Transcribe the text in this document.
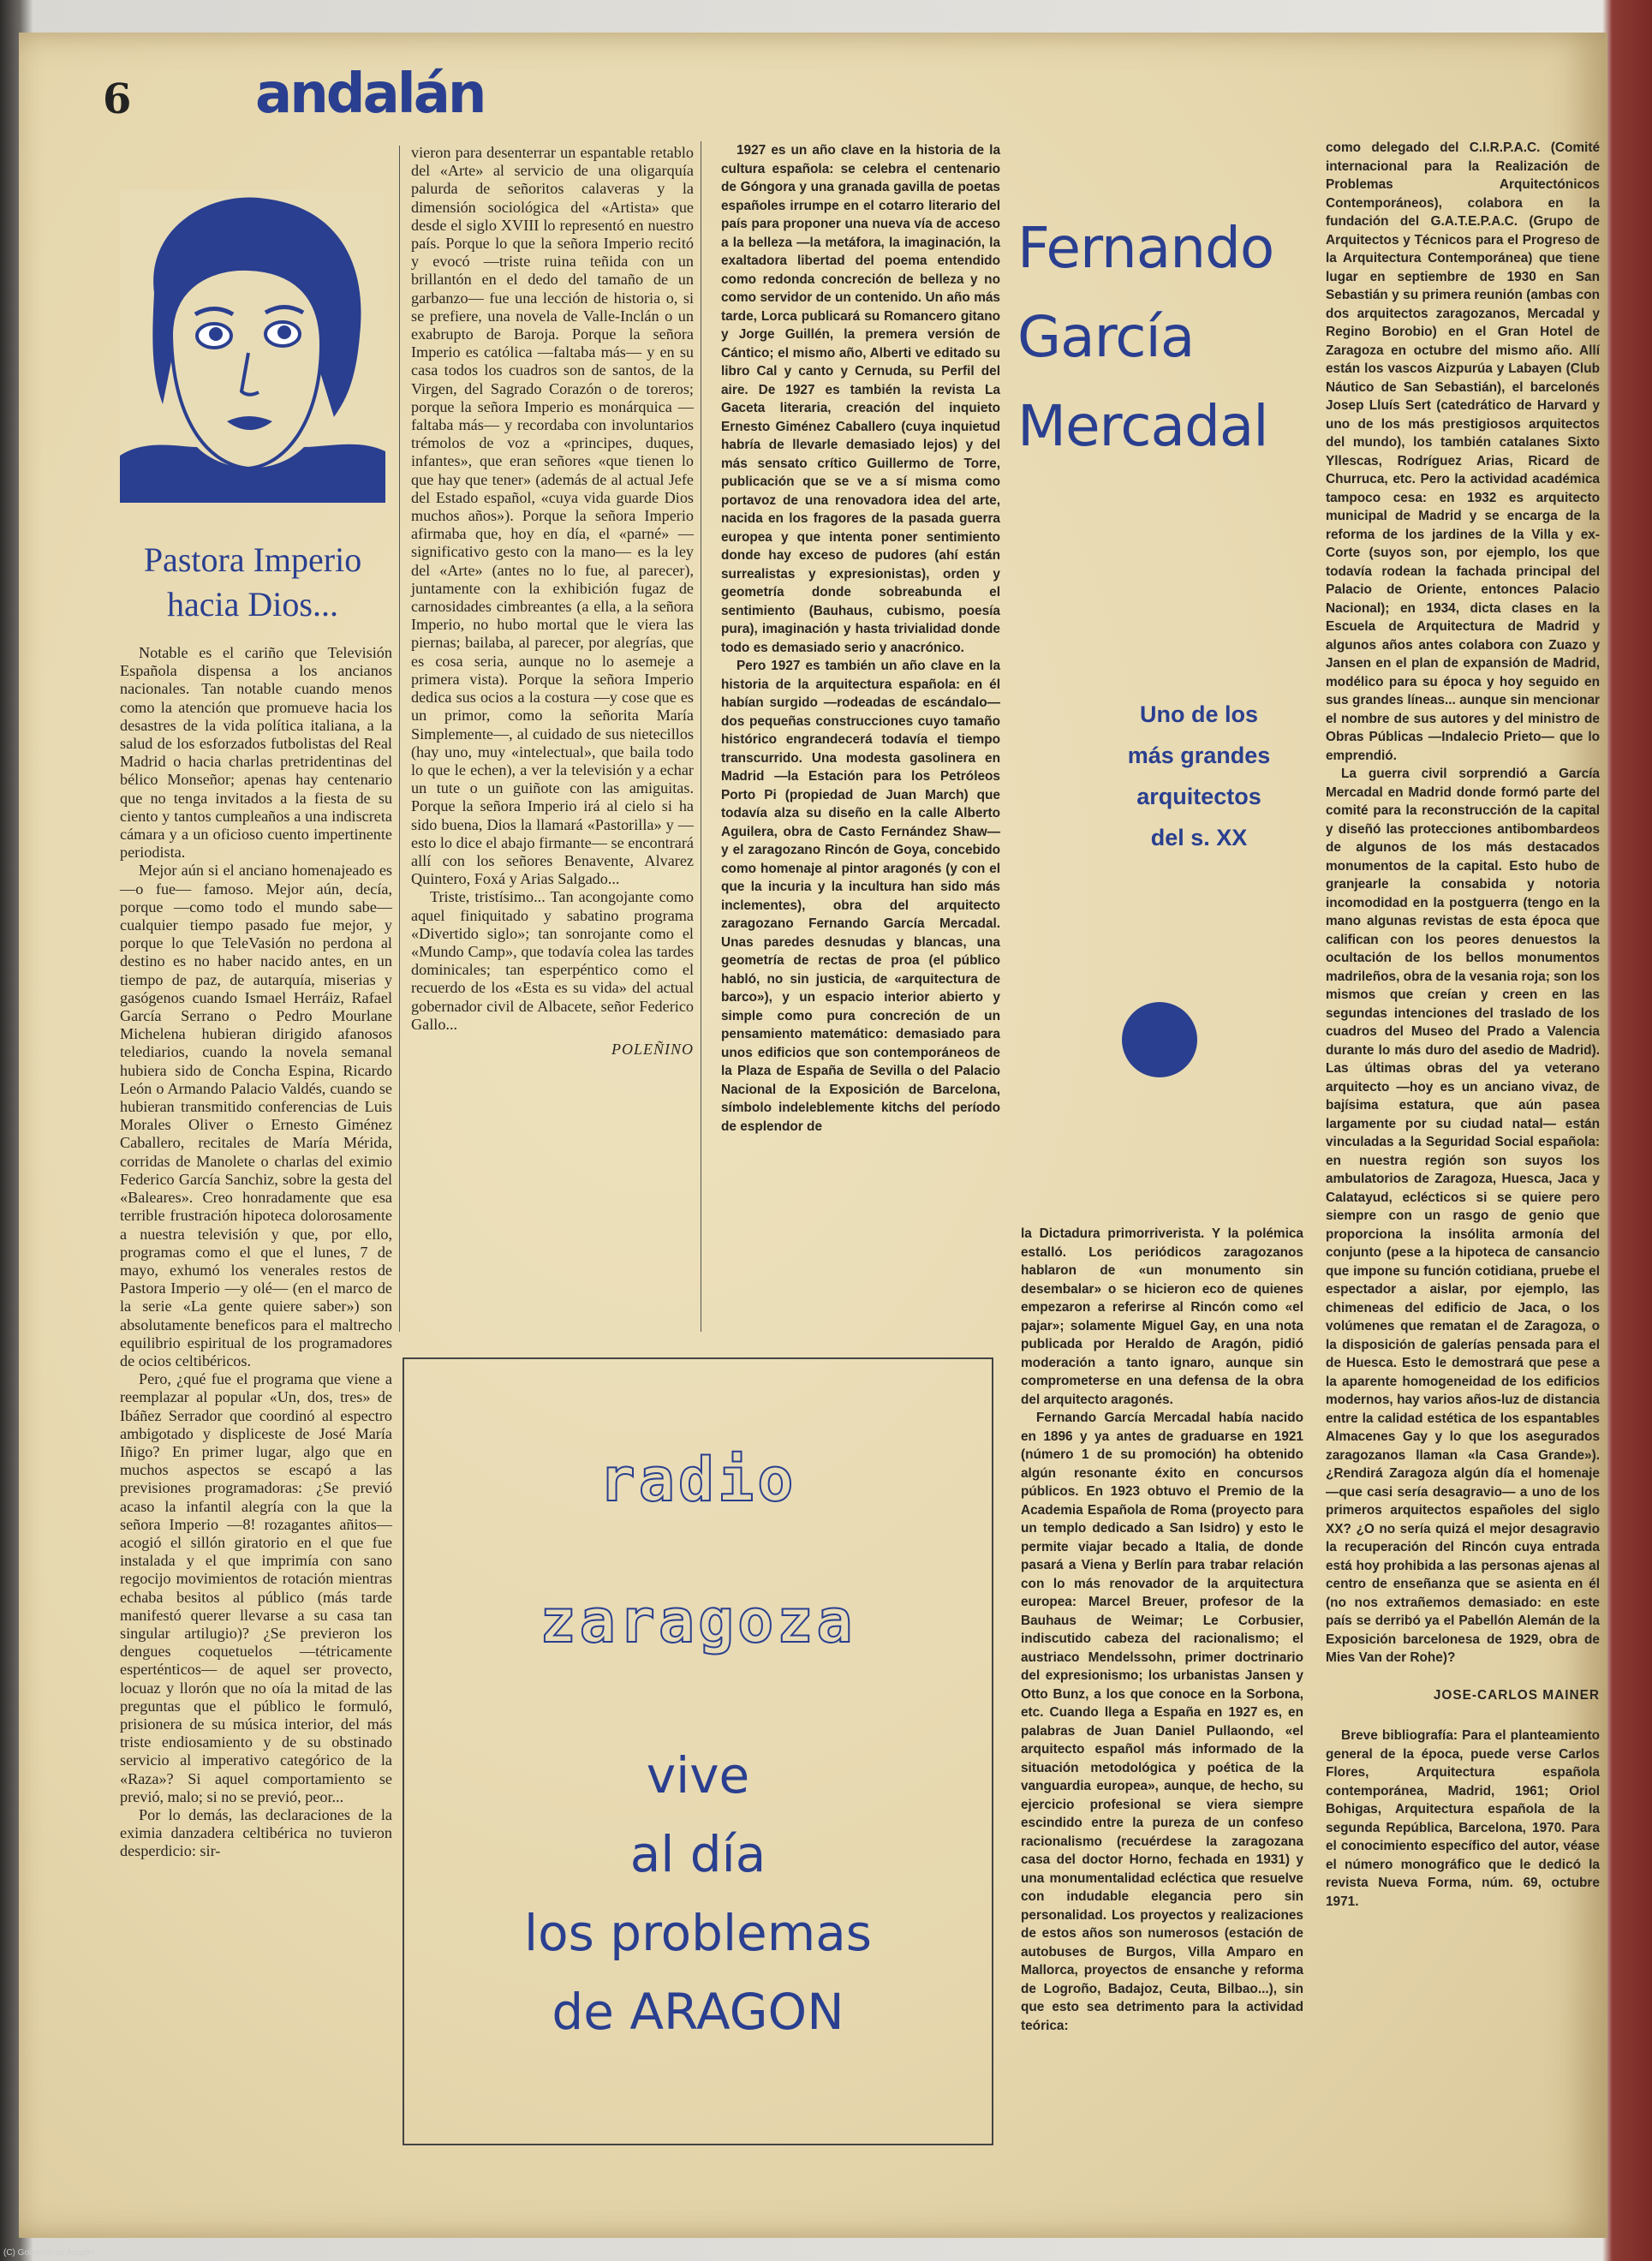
6 andalán
Pastora Imperio hacia Dios...

Notable es el cariño que Televisión Española dispensa a los ancianos nacionales. Tan notable cuando menos como la atención que promueve hacia los desastres de la vida política italiana, a la salud de los esforzados futbolistas del Real Madrid o hacia charlas pretridentinas del bélico Monseñor; apenas hay centenario que no tenga invitados a la fiesta de su ciento y tantos cumpleaños a una indiscreta cámara y a un oficioso cuento impertinente periodista.

Mejor aún si el anciano homenajeado es —o fue— famoso. Mejor aún, decía, porque —como todo el mundo sabe— cualquier tiempo pasado fue mejor, y porque lo que TeleVasión no perdona al destino es no haber nacido antes, en un tiempo de paz, de autarquía, miserias y gasógenos cuando Ismael Herráiz, Rafael García Serrano o Pedro Mourlane Michelena hubieran dirigido afanosos telediarios, cuando la novela semanal hubiera sido de Concha Espina, Ricardo León o Armando Palacio Valdés, cuando se hubieran transmitido conferencias de Luis Morales Oliver o Ernesto Giménez Caballero, recitales de María Mérida, corridas de Manolete o charlas del eximio Federico García Sanchiz, sobre la gesta del «Baleares». Creo honradamente que esa terrible frustración hipoteca dolorosamente a nuestra televisión y que, por ello, programas como el que el lunes, 7 de mayo, exhumó los venerales restos de Pastora Imperio —y olé— (en el marco de la serie «La gente quiere saber») son absolutamente beneficos para el maltrecho equilibrio espiritual de los programadores de ocios celtibéricos.

Pero, ¿qué fue el programa que viene a reemplazar al popular «Un, dos, tres» de Ibáñez Serrador que coordinó al espectro ambigotado y displiceste de José María Iñigo? En primer lugar, algo que en muchos aspectos se escapó a las previsiones programadoras: ¿Se previó acaso la infantil alegría con la que la señora Imperio —8! rozagantes añitos— acogió el sillón giratorio en el que fue instalada y el que imprimía con sano regocijo movimientos de rotación mientras echaba besitos al público (más tarde manifestó querer llevarse a su casa tan singular artilugio)? ¿Se previeron los dengues coquetuelos —tétricamente esperténticos— de aquel ser provecto, locuaz y llorón que no oía la mitad de las preguntas que el público le formuló, prisionera de su música interior, del más triste endiosamiento y de su obstinado servicio al imperativo categórico de la «Raza»? Si aquel comportamiento se previó, malo; si no se previó, peor...

Por lo demás, las declaraciones de la eximia danzadera celtibérica no tuvieron desperdicio: sir-

vieron para desenterrar un espantable retablo del «Arte» al servicio de una oligarquía palurda de señoritos calaveras y la dimensión sociológica del «Artista» que desde el siglo XVIII lo representó en nuestro país. Porque lo que la señora Imperio recitó y evocó —triste ruina teñida con un brillantón en el dedo del tamaño de un garbanzo— fue una lección de historia o, si se prefiere, una novela de Valle-Inclán o un exabrupto de Baroja. Porque la señora Imperio es católica —faltaba más— y en su casa todos los cuadros son de santos, de la Virgen, del Sagrado Corazón o de toreros; porque la señora Imperio es monárquica —faltaba más— y recordaba con involuntarios trémolos de voz a «principes, duques, infantes», que eran señores «que tienen lo que hay que tener» (además de al actual Jefe del Estado español, «cuya vida guarde Dios muchos años»). Porque la señora Imperio afirmaba que, hoy en día, el «parné» —significativo gesto con la mano— es la ley del «Arte» (antes no lo fue, al parecer), juntamente con la exhibición fugaz de carnosidades cimbreantes (a ella, a la señora Imperio, no hubo mortal que le viera las piernas; bailaba, al parecer, por alegrías, que es cosa seria, aunque no lo asemeje a primera vista). Porque la señora Imperio dedica sus ocios a la costura —y cose que es un primor, como la señorita María Simplemente—, al cuidado de sus nietecillos (hay uno, muy «intelectual», que baila todo lo que le echen), a ver la televisión y a echar un tute o un guiñote con las amiguitas. Porque la señora Imperio irá al cielo si ha sido buena, Dios la llamará «Pastorilla» y —esto lo dice el abajo firmante— se encontrará allí con los señores Benavente, Alvarez Quintero, Foxá y Arias Salgado...

Triste, tristísimo... Tan acongojante como aquel finiquitado y sabatino programa «Divertido siglo»; tan sonrojante como el «Mundo Camp», que todavía colea las tardes dominicales; tan esperpéntico como el recuerdo de los «Esta es su vida» del actual gobernador civil de Albacete, señor Federico Gallo...

POLEÑINO

1927 es un año clave en la historia de la cultura española: se celebra el centenario de Góngora y una granada gavilla de poetas españoles irrumpe en el cotarro literario del país para proponer una nueva vía de acceso a la belleza —la metáfora, la imaginación, la exaltadora libertad del poema entendido como redonda concreción de belleza y no como servidor de un contenido. Un año más tarde, Lorca publicará su Romancero gitano y Jorge Guillén, la premera versión de Cántico; el mismo año, Alberti ve editado su libro Cal y canto y Cernuda, su Perfil del aire. De 1927 es también la revista La Gaceta literaria, creación del inquieto Ernesto Giménez Caballero (cuya inquietud habría de llevarle demasiado lejos) y del más sensato crítico Guillermo de Torre, publicación que se ve a sí misma como portavoz de una renovadora idea del arte, nacida en los fragores de la pasada guerra europea y que intenta poner sentimiento donde hay exceso de pudores (ahí están surrealistas y expresionistas), orden y geometría donde sobreabunda el sentimiento (Bauhaus, cubismo, poesía pura), imaginación y hasta trivialidad donde todo es demasiado serio y anacrónico.

Pero 1927 es también un año clave en la historia de la arquitectura española: en él habían surgido —rodeadas de escándalo— dos pequeñas construcciones cuyo tamaño histórico engrandecerá todavía el tiempo transcurrido. Una modesta gasolinera en Madrid —la Estación para los Petróleos Porto Pi (propiedad de Juan March) que todavía alza su diseño en la calle Alberto Aguilera, obra de Casto Fernández Shaw— y el zaragozano Rincón de Goya, concebido como homenaje al pintor aragonés (y con el que la incuria y la incultura han sido más inclementes), obra del arquitecto zaragozano Fernando García Mercadal. Unas paredes desnudas y blancas, una geometría de rectas de proa (el público habló, no sin justicia, de «arquitectura de barco»), y un espacio interior abierto y simple como pura concreción de un pensamiento matemático: demasiado para unos edificios que son contemporáneos de la Plaza de España de Sevilla o del Palacio Nacional de la Exposición de Barcelona, símbolo indeleblemente kitchs del período de esplendor de

Fernando
García
Mercadal
Uno de los
más grandes
arquitectos
del s. XX

la Dictadura primorriverista. Y la polémica estalló. Los periódicos zaragozanos hablaron de «un monumento sin desembalar» o se hicieron eco de quienes empezaron a referirse al Rincón como «el pajar»; solamente Miguel Gay, en una nota publicada por Heraldo de Aragón, pidió moderación a tanto ignaro, aunque sin comprometerse en una defensa de la obra del arquitecto aragonés.

Fernando García Mercadal había nacido en 1896 y ya antes de graduarse en 1921 (número 1 de su promoción) ha obtenido algún resonante éxito en concursos públicos. En 1923 obtuvo el Premio de la Academia Española de Roma (proyecto para un templo dedicado a San Isidro) y esto le permite viajar becado a Italia, de donde pasará a Viena y Berlín para trabar relación con lo más renovador de la arquitectura europea: Marcel Breuer, profesor de la Bauhaus de Weimar; Le Corbusier, indiscutido cabeza del racionalismo; el austriaco Mendelssohn, primer doctrinario del expresionismo; los urbanistas Jansen y Otto Bunz, a los que conoce en la Sorbona, etc. Cuando llega a España en 1927 es, en palabras de Juan Daniel Pullaondo, «el arquitecto español más informado de la situación metodológica y poética de la vanguardia europea», aunque, de hecho, su ejercicio profesional se viera siempre escindido entre la pureza de un confeso racionalismo (recuérdese la zaragozana casa del doctor Horno, fechada en 1931) y una monumentalidad ecléctica que resuelve con indudable elegancia pero sin personalidad. Los proyectos y realizaciones de estos años son numerosos (estación de autobuses de Burgos, Villa Amparo en Mallorca, proyectos de ensanche y reforma de Logroño, Badajoz, Ceuta, Bilbao...), sin que esto sea detrimento para la actividad teórica:

como delegado del C.I.R.P.A.C. (Comité internacional para la Realización de Problemas Arquitectónicos Contemporáneos), colabora en la fundación del G.A.T.E.P.A.C. (Grupo de Arquitectos y Técnicos para el Progreso de la Arquitectura Contemporánea) que tiene lugar en septiembre de 1930 en San Sebastián y su primera reunión (ambas con dos arquitectos zaragozanos, Mercadal y Regino Borobio) en el Gran Hotel de Zaragoza en octubre del mismo año. Allí están los vascos Aizpurúa y Labayen (Club Náutico de San Sebastián), el barcelonés Josep Lluís Sert (catedrático de Harvard y uno de los más prestigiosos arquitectos del mundo), los también catalanes Sixto Yllescas, Rodríguez Arias, Ricard de Churruca, etc. Pero la actividad académica tampoco cesa: en 1932 es arquitecto municipal de Madrid y se encarga de la reforma de los jardines de la Villa y ex-Corte (suyos son, por ejemplo, los que todavía rodean la fachada principal del Palacio de Oriente, entonces Palacio Nacional); en 1934, dicta clases en la Escuela de Arquitectura de Madrid y algunos años antes colabora con Zuazo y Jansen en el plan de expansión de Madrid, modélico para su época y hoy seguido en sus grandes líneas... aunque sin mencionar el nombre de sus autores y del ministro de Obras Públicas —Indalecio Prieto— que lo emprendió.

La guerra civil sorprendió a García Mercadal en Madrid donde formó parte del comité para la reconstrucción de la capital y diseñó las protecciones antibombardeos de algunos de los más destacados monumentos de la capital. Esto hubo de granjearle la consabida y notoria incomodidad en la postguerra (tengo en la mano algunas revistas de esta época que califican con los peores denuestos la ocultación de los bellos monumentos madrileños, obra de la vesania roja; son los mismos que creían y creen en las segundas intenciones del traslado de los cuadros del Museo del Prado a Valencia durante lo más duro del asedio de Madrid). Las últimas obras del ya veterano arquitecto —hoy es un anciano vivaz, de bajísima estatura, que aún pasea largamente por su ciudad natal— están vinculadas a la Seguridad Social española: en nuestra región son suyos los ambulatorios de Zaragoza, Huesca, Jaca y Calatayud, eclécticos si se quiere pero siempre con un rasgo de genio que proporciona la insólita armonía del conjunto (pese a la hipoteca de cansancio que impone su función cotidiana, pruebe el espectador a aislar, por ejemplo, las chimeneas del edificio de Jaca, o los volúmenes que rematan el de Zaragoza, o la disposición de galerías pensada para el de Huesca. Esto le demostrará que pese a la aparente homogeneidad de los edificios modernos, hay varios años-luz de distancia entre la calidad estética de los espantables Almacenes Gay y lo que los asegurados zaragozanos llaman «la Casa Grande»). ¿Rendirá Zaragoza algún día el homenaje —que casi sería desagravio— a uno de los primeros arquitectos españoles del siglo XX? ¿O no sería quizá el mejor desagravio la recuperación del Rincón cuya entrada está hoy prohibida a las personas ajenas al centro de enseñanza que se asienta en él (no nos extrañemos demasiado: en este país se derribó ya el Pabellón Alemán de la Exposición barcelonesa de 1929, obra de Mies Van der Rohe)?

JOSE-CARLOS MAINER

Breve bibliografía: Para el planteamiento general de la época, puede verse Carlos Flores, Arquitectura española contemporánea, Madrid, 1961; Oriol Bohigas, Arquitectura española de la segunda República, Barcelona, 1970. Para el conocimiento específico del autor, véase el número monográfico que le dedicó la revista Nueva Forma, núm. 69, octubre 1971.

radio
zaragoza
vive
al día
los problemas
de ARAGON
(C) Gobierno de Aragón
